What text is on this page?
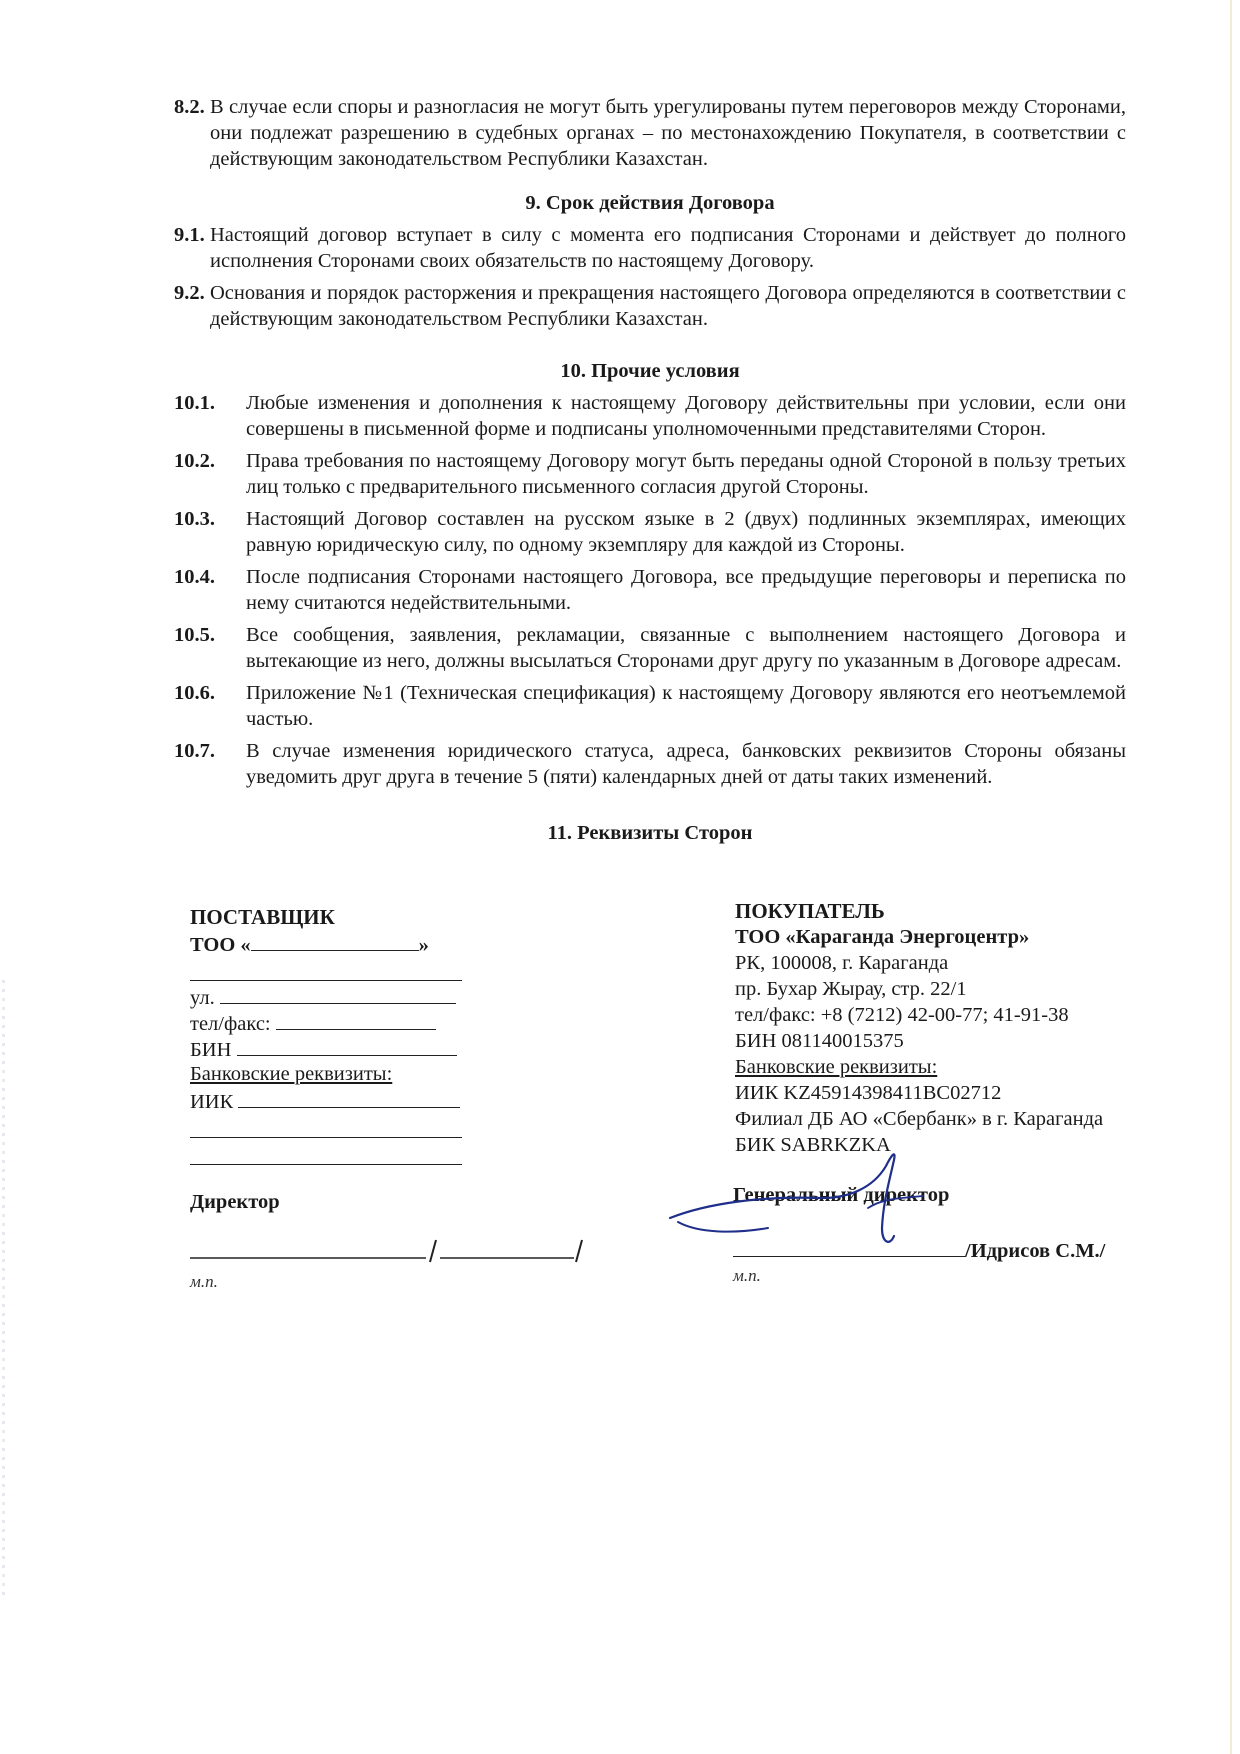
8.2. В случае если споры и разногласия не могут быть урегулированы путем переговоров между Сторонами, они подлежат разрешению в судебных органах – по местонахождению Покупателя, в соответствии с действующим законодательством Республики Казахстан.
9. Срок действия Договора
9.1. Настоящий договор вступает в силу с момента его подписания Сторонами и действует до полного исполнения Сторонами своих обязательств по настоящему Договору.
9.2. Основания и порядок расторжения и прекращения настоящего Договора определяются в соответствии с действующим законодательством Республики Казахстан.
10. Прочие условия
10.1.	Любые изменения и дополнения к настоящему Договору действительны при условии, если они совершены в письменной форме и подписаны уполномоченными представителями Сторон.
10.2.	Права требования по настоящему Договору могут быть переданы одной Стороной в пользу третьих лиц только с предварительного письменного согласия другой Стороны.
10.3.	Настоящий Договор составлен на русском языке в 2 (двух) подлинных экземплярах, имеющих равную юридическую силу, по одному экземпляру для каждой из Стороны.
10.4.	После подписания Сторонами настоящего Договора, все предыдущие переговоры и переписка по нему считаются недействительными.
10.5.	Все сообщения, заявления, рекламации, связанные с выполнением настоящего Договора и вытекающие из него, должны высылаться Сторонами друг другу по указанным в Договоре адресам.
10.6.	Приложение №1 (Техническая спецификация) к настоящему Договору являются его неотъемлемой частью.
10.7.	В случае изменения юридического статуса, адреса, банковских реквизитов Стороны обязаны уведомить друг друга в течение 5 (пяти) календарных дней от даты таких изменений.
11. Реквизиты Сторон
ПОСТАВЩИК
ТОО «	»
ул.
тел/факс:
БИН
Банковские реквизиты:
ИИК
ПОКУПАТЕЛЬ
ТОО «Караганда Энергоцентр»
РК, 100008, г. Караганда
пр. Бухар Жырау, стр. 22/1
тел/факс: +8 (7212) 42-00-77; 41-91-38
БИН 081140015375
Банковские реквизиты:
ИИК KZ45914398411BC02712
Филиал ДБ АО «Сбербанк» в г. Караганда
БИК SABRKZKA
Директор	Генеральный директор
/Идрисов С.М./
м.п.	м.п.
